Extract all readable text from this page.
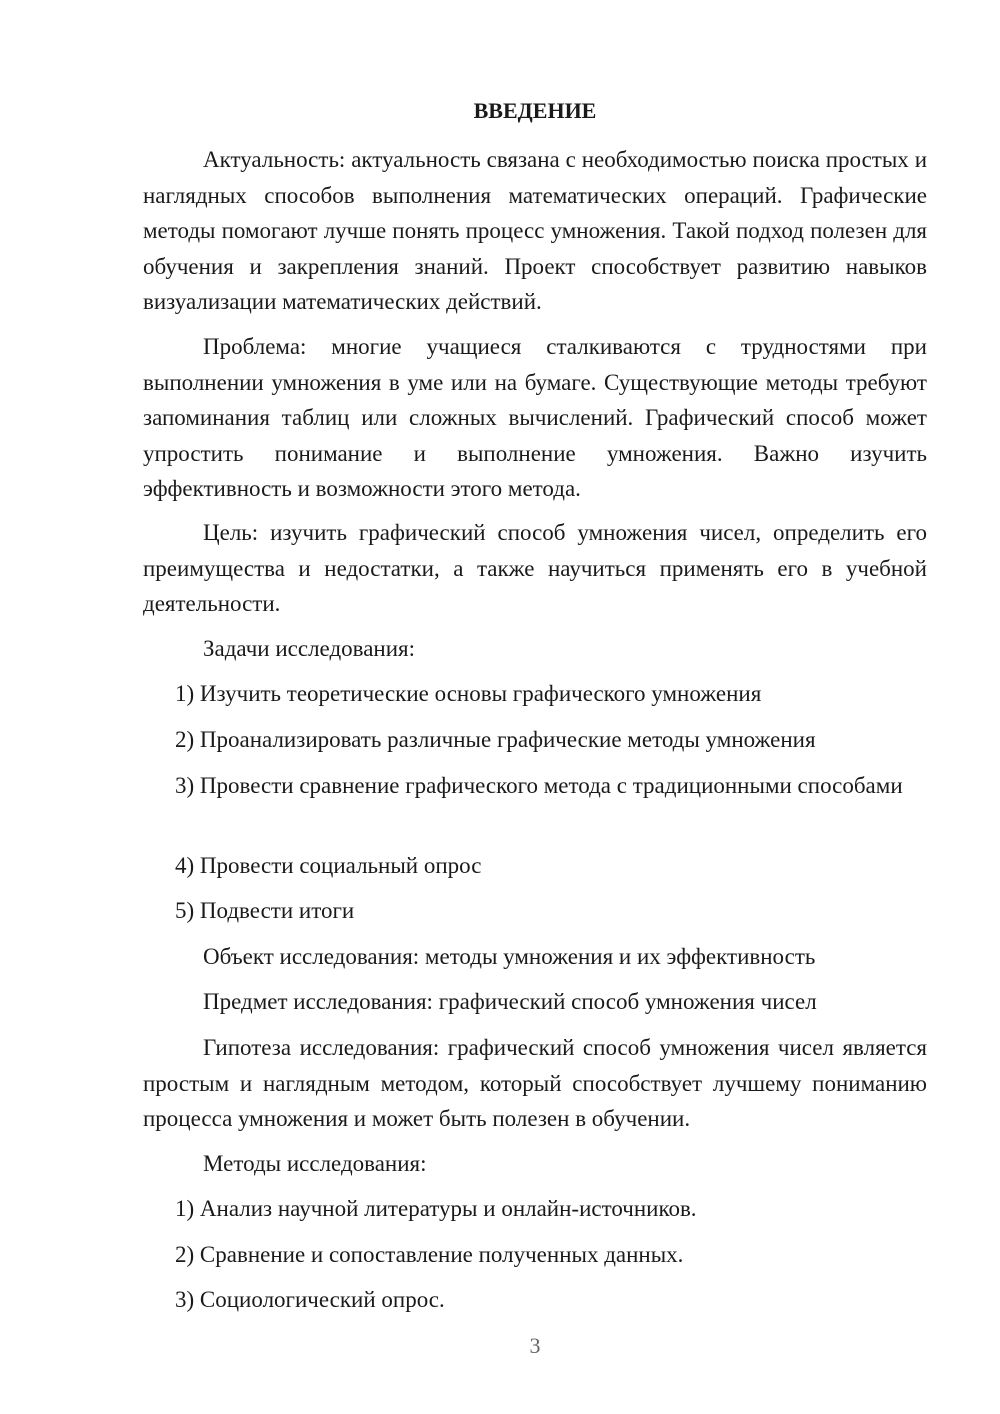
ВВЕДЕНИЕ

Актуальность: актуальность связана с необходимостью поиска простых и наглядных способов выполнения математических операций. Графические методы помогают лучше понять процесс умножения. Такой подход полезен для обучения и закрепления знаний. Проект способствует развитию навыков визуализации математических действий.

Проблема: многие учащиеся сталкиваются с трудностями при выполнении умножения в уме или на бумаге. Существующие методы требуют запоминания таблиц или сложных вычислений. Графический способ может упростить понимание и выполнение умножения. Важно изучить эффективность и возможности этого метода.

Цель: изучить графический способ умножения чисел, определить его преимущества и недостатки, а также научиться применять его в учебной деятельности.

Задачи исследования:

1) Изучить теоретические основы графического умножения

2) Проанализировать различные графические методы умножения

3) Провести сравнение графического метода с традиционными способами

4) Провести социальный опрос

5) Подвести итоги

Объект исследования: методы умножения и их эффективность

Предмет исследования: графический способ умножения чисел

Гипотеза исследования: графический способ умножения чисел является простым и наглядным методом, который способствует лучшему пониманию процесса умножения и может быть полезен в обучении.

Методы исследования:

1) Анализ научной литературы и онлайн-источников.

2) Сравнение и сопоставление полученных данных.

3) Социологический опрос.

3
